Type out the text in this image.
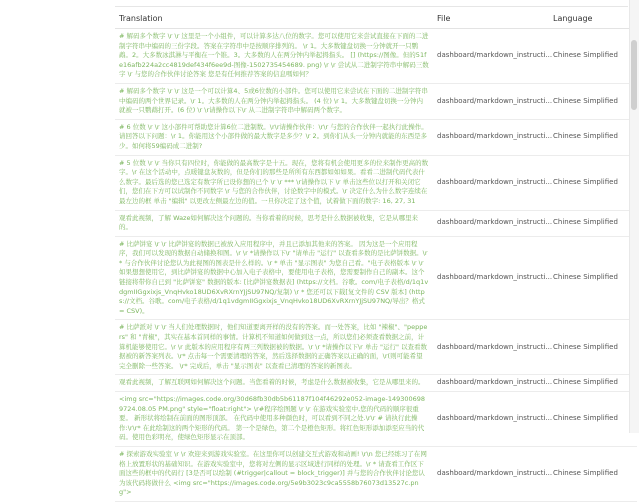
Translation	File	Language

# 解码多个数字 \r \r 这里是一个小组件，可以计算多达八位的数字。您可以使用它来尝试直接在下面的二进制字符串中编码的三份字段。答案在字符串中是按顺序排列的。 \r 1。大多数键盘切换一分钟就开一只鹦鹉。2。大多数冰淇淋与平衡在一个锥。3。大多数的人在两分钟内举起拇指头。 [] (https://图像。但的51fe16afb224a2cc4819def434f6ee9d-图像-1502735454689. png) \r \r 尝试从二进制字符串中解码三数字 \r 与您的合作伙伴讨论答案 您是有任何推荐答案的信息嗎如何？	dashboard/markdown_instructi...	Chinese Simplified

# 解码多个数字 \r \r 这是一个可以计算4、5或6位数的小部件。您可以使用它来尝试在下面的二进制字符串中编码的两个世界记录。\r 1。大多数的人在两分钟内举起拇指头。 (4 位) \r 1。大多数键盘切换一分钟内就被一只鹦鹉打开。(6 位) \r \r请操作以下\r 从二进制字符串中解码两个数字。	dashboard/markdown_instructi...	Chinese Simplified

# 6 位数 \r \r 这小部件可帮助您计算6位二进制数。\r\r请操作伙伴：\r\r 与您的合作伙伴一起执行此操作。请回答以下问题：\r 1。你能用这个小部件做的最大数字是多少？\r 2。到你们从头一分钟内就能的东西是多少。如何将59编码成二进制?	dashboard/markdown_instructi...	Chinese Simplified

# 5 位数 \r \r 当你只有四位时，你能做的最高数字是十五。现在，您将有机会使用更多的位来制作更高的数字。\r 在这个活动中，点暖键盘灰数的，但是你们的那些是所所有东西都如如如果。看看二进制代码代表什么数字。最后选的您已选定有数字所已设你想的已个 \r \r *** \r请操作以下 \r 单击这些位以打开和关闭它们，您们在下方可以试制作不同数字 \r 与您的合作伙伴，讨论数字中的模式。\r 决定什么为什么数字连续在最左边的框 单击 "编辑" 以更改左侧最左边的值。一旦你决定了这个值，试着做下面的数字: 16, 27, 31	dashboard/markdown_instructi...	Chinese Simplified

观看此视频，了解 Waze如何解决这个问题的。当你看着的时候，思考是什么数据被收集，它是从哪里来的。	dashboard/markdown_instructi...	Chinese Simplified

# 比萨饼宴 \r \r 比萨饼宴的数据已被放入应用程序中，并且已添加其他来的答案。 因为这是一个应用程序，我们可以发现的数据自动储换和图。\r \r *请操作以下\r "请单击 "运行" 以查看多数的是比萨饼数据。\r * 与合作伙伴讨论您认为此视图的图表是什么样的。\r * 单击 "显示图表" 为您自己看。"电子表格版本 \r \r 如果想想使用它，到比萨饼宴的数据中心加入电子表格中，要使用电子表格，您需要制作自己的副本。这个链接将带你自已到 "比萨饼宴" 数据的版本: [比萨饼宴数据表] (https://文档。谷歌。com/电子表格/d/1q1vdgmIIGgxixjs_VnqHvko18UD6XvRXrnYJjSU97NQ/复制) \r * 您还可以下载[复文件的 CSV 版本] (https://文档。谷歌。com/电子表格/d/1q1vdgmIIGgxixjs_VnqHvko18UD6XvRXrnYJjSU97NQ/导出？格式 = CSV)。	dashboard/markdown_instructi...	Chinese Simplified

# 比萨派对 \r \r 当人们处理数据时，他们知道要离开样的没有的答案。而一处答案，比如 "辣椒"、"peppers" 和 "青椒"，其实在基本首同样的事情。计算机不知道如何做到这一点，所以您们必须查看数据之前，计算机能够使用它。\r \r 此版本的应用程序有两三列数据被的数据。\r \r *请操作以下\r 单击 "运行" 以查看数据被的新答案列表。\r* 点击每一个需要清理的答案，然后选择数据的正确答案以正确的面，\r(则可能希望完全删除一些答案。 \r* 完成后，单击 "显示图表" 以查看已清理的答案的新图表。	dashboard/markdown_instructi...	Chinese Simplified

观看此视频，了解互联网如何解决这个问题。当您看着的时候，考虑是什么数据被收集，它是从哪里来的。	dashboard/markdown_instructi...	Chinese Simplified

<img src="https://images.code.org/30d68fb30db5b61187f104f46292e052-image-1493006989724.08.05 PM.png" style="float:right"> \r#程序绘图题 \r \r 在游戏实验室中,您的代码的顺序很重要。 新形状将绘制在前面的图形顶部。 在代码中使用多种颜色时，可以看到不同之处.\r\r # 请执行此操作:\r\r* 在此绘制这的两个矩形的代码。 第一个是绿色，第二个是橙色矩形。将红色矩形添加添至应当的代码。使用色彩明亮，使绿色矩形显示在顶部。	dashboard/markdown_instructi...	Chinese Simplified

# 探索游戏实验室 \r \r 欢迎来到游戏实验室。在这里你可以创建交互式游戏和动画! \r\n 您已经练习了在网格上放置形状的基础知识。在游戏实验室中，您将对左侧的显示区域进行同样的处理。\r * 请查看工作区下面这些的框中的代码行 [3是否可以绘制 (#trigger|callout = block_trigger)] 并与您的合作伙伴讨论您认为该代码将做什么 <img src="https://images.code.org/5e9b3023c9ca5558b76073d13527c.png">	dashboard/markdown_instructi...	Chinese Simplified
